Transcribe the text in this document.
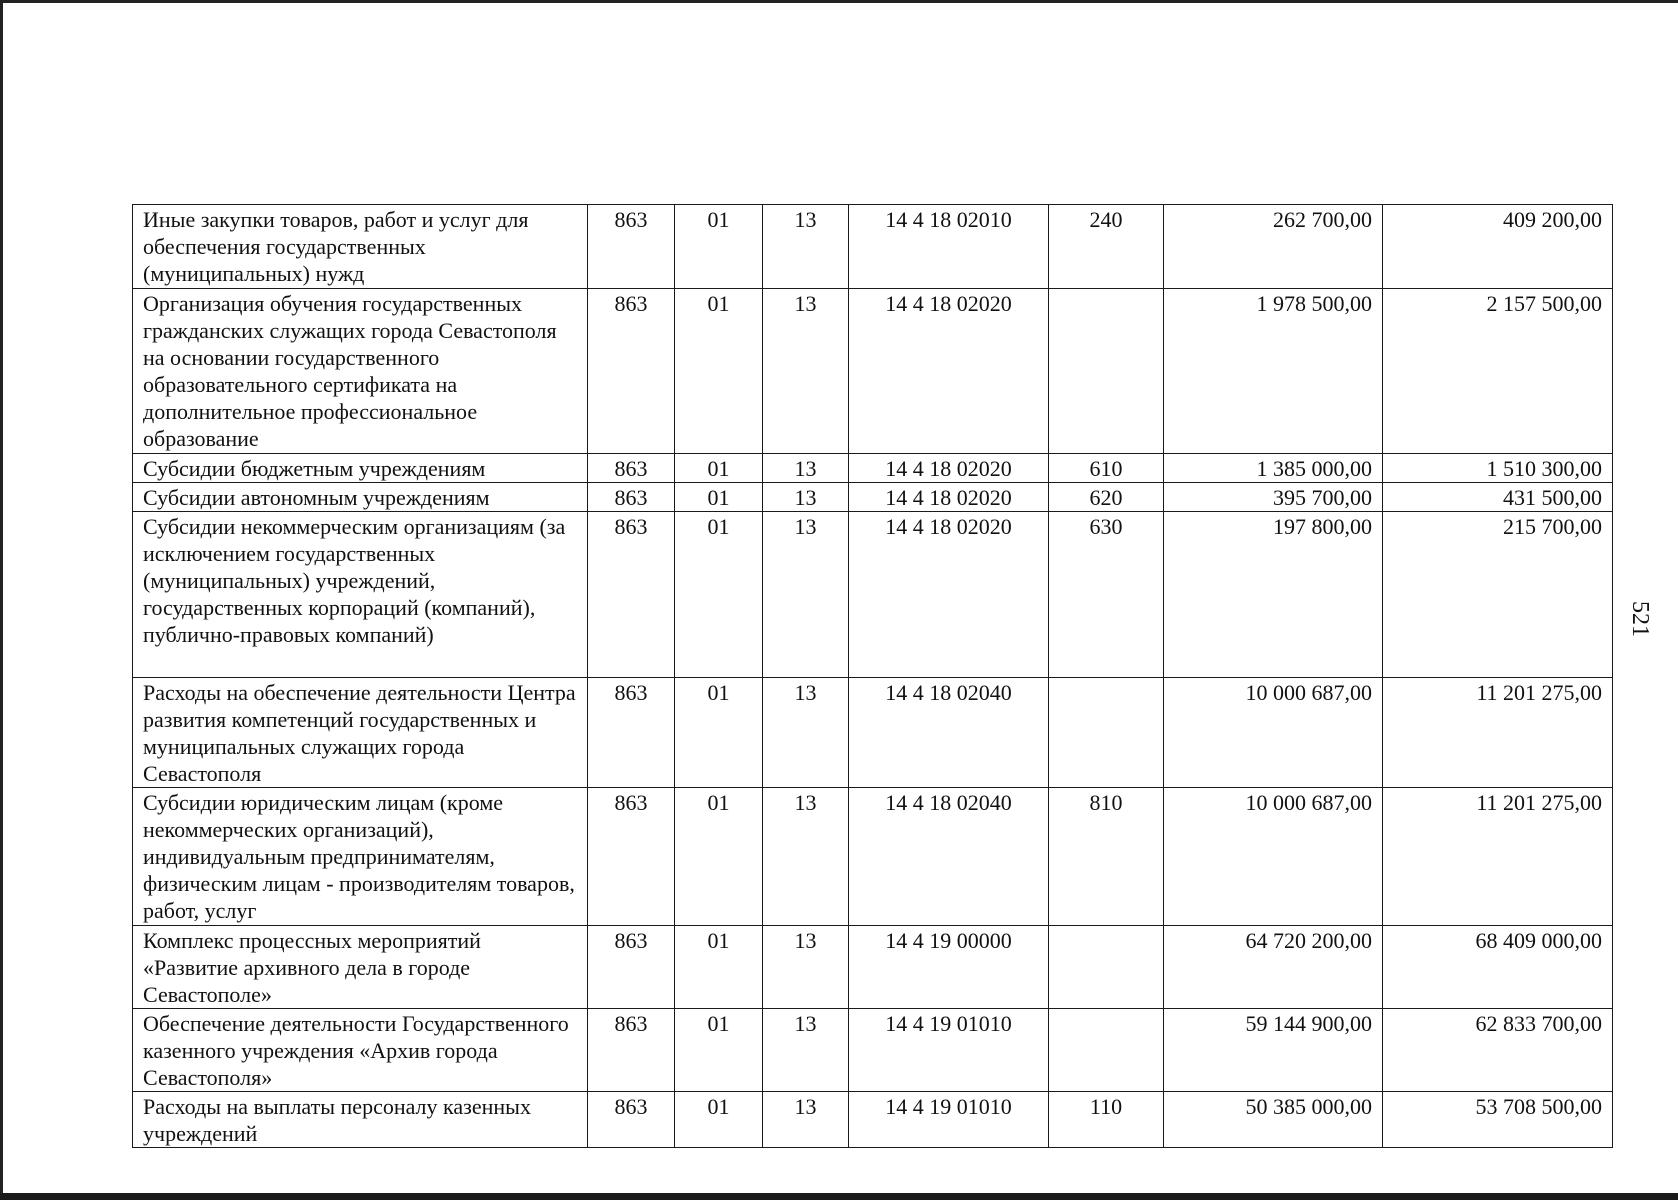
Иные закупки товаров, работ и услуг для обеспечения государственных (муниципальных) нужд	863	01	13	14 4 18 02010	240	262 700,00	409 200,00
Организация обучения государственных гражданских служащих города Севастополя на основании государственного образовательного сертификата на дополнительное профессиональное образование	863	01	13	14 4 18 02020		1 978 500,00	2 157 500,00
Субсидии бюджетным учреждениям	863	01	13	14 4 18 02020	610	1 385 000,00	1 510 300,00
Субсидии автономным учреждениям	863	01	13	14 4 18 02020	620	395 700,00	431 500,00
Субсидии некоммерческим организациям (за исключением государственных (муниципальных) учреждений, государственных корпораций (компаний), публично-правовых компаний)	863	01	13	14 4 18 02020	630	197 800,00	215 700,00
Расходы на обеспечение деятельности Центра развития компетенций государственных и муниципальных служащих города Севастополя	863	01	13	14 4 18 02040		10 000 687,00	11 201 275,00
Субсидии юридическим лицам (кроме некоммерческих организаций), индивидуальным предпринимателям, физическим лицам - производителям товаров, работ, услуг	863	01	13	14 4 18 02040	810	10 000 687,00	11 201 275,00
Комплекс процессных мероприятий «Развитие архивного дела в городе Севастополе»	863	01	13	14 4 19 00000		64 720 200,00	68 409 000,00
Обеспечение деятельности Государственного казенного учреждения «Архив города Севастополя»	863	01	13	14 4 19 01010		59 144 900,00	62 833 700,00
Расходы на выплаты персоналу казенных учреждений	863	01	13	14 4 19 01010	110	50 385 000,00	53 708 500,00
521
